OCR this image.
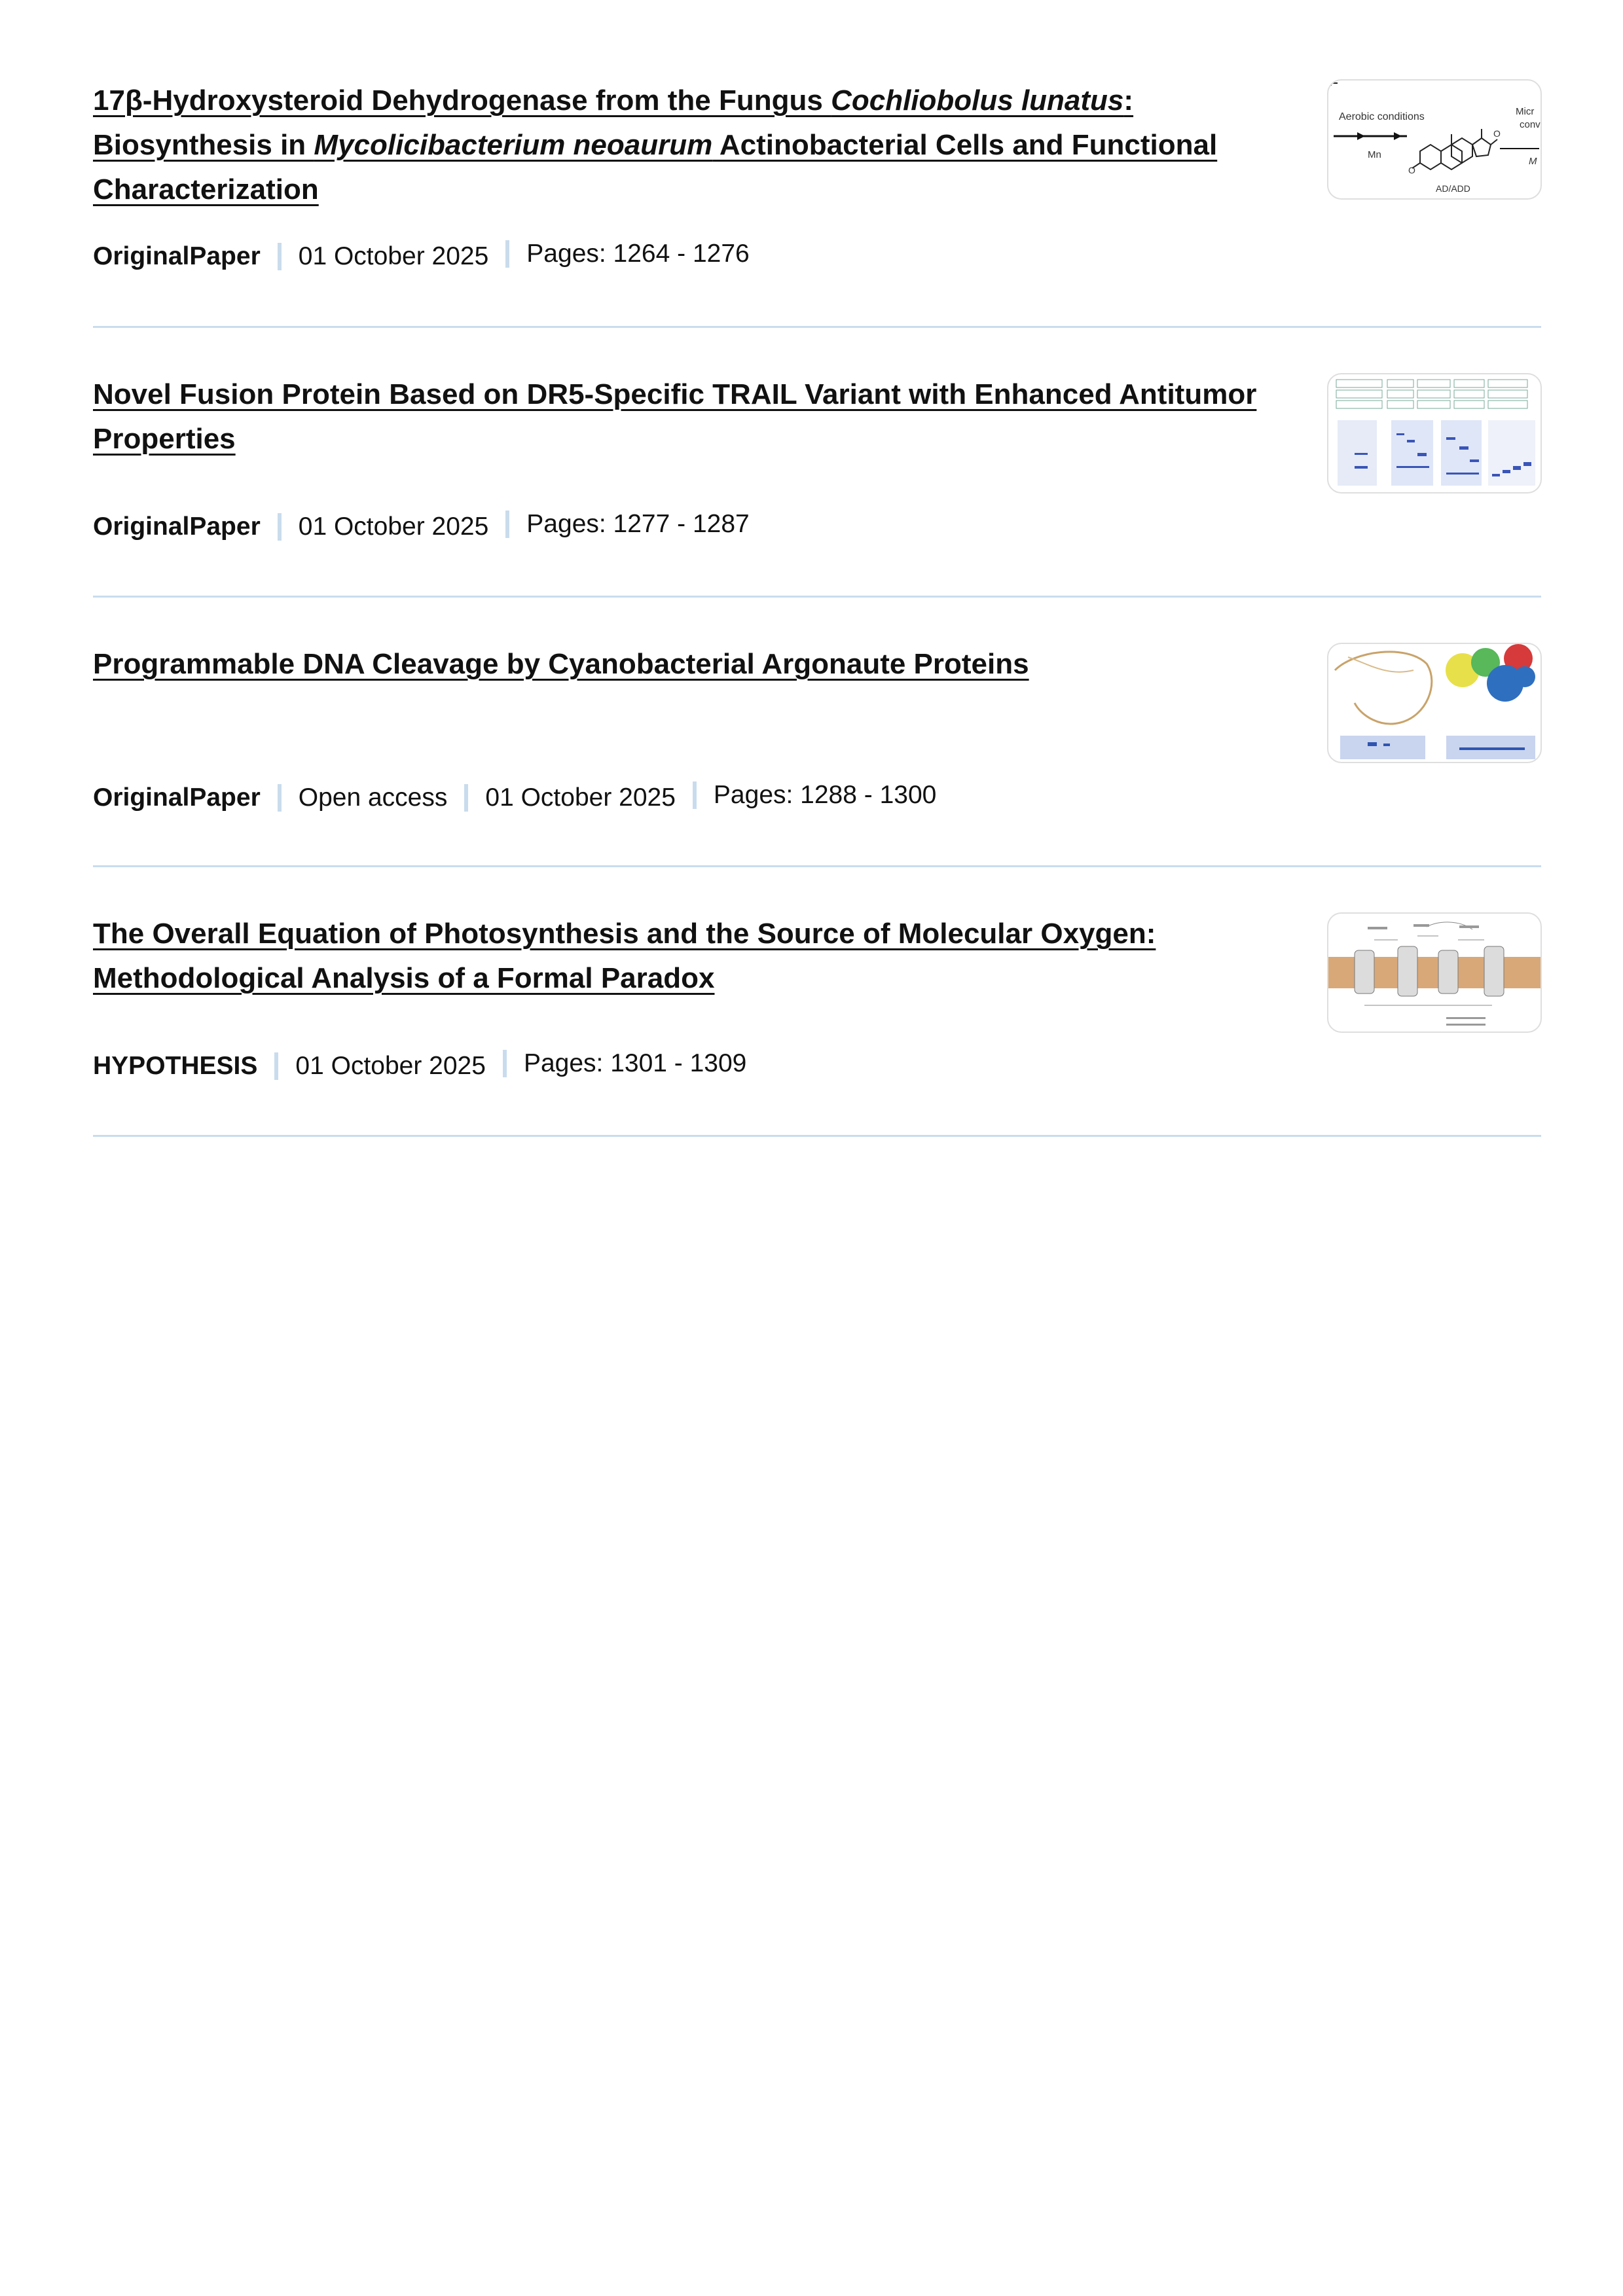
17β-Hydroxysteroid Dehydrogenase from the Fungus Cochliobolus lunatus: Biosynthesis in Mycolicibacterium neoaurum Actinobacterial Cells and Functional Characterization
OriginalPaper	01 October 2025	Pages: 1264 - 1276
Aerobic conditions
Mn
O
O
Micr
conv
M
AD/ADD
Novel Fusion Protein Based on DR5-Specific TRAIL Variant with Enhanced Antitumor Properties
OriginalPaper	01 October 2025	Pages: 1277 - 1287
Programmable DNA Cleavage by Cyanobacterial Argonaute Proteins
OriginalPaper	Open access	01 October 2025	Pages: 1288 - 1300
The Overall Equation of Photosynthesis and the Source of Molecular Oxygen: Methodological Analysis of a Formal Paradox
HYPOTHESIS	01 October 2025	Pages: 1301 - 1309
